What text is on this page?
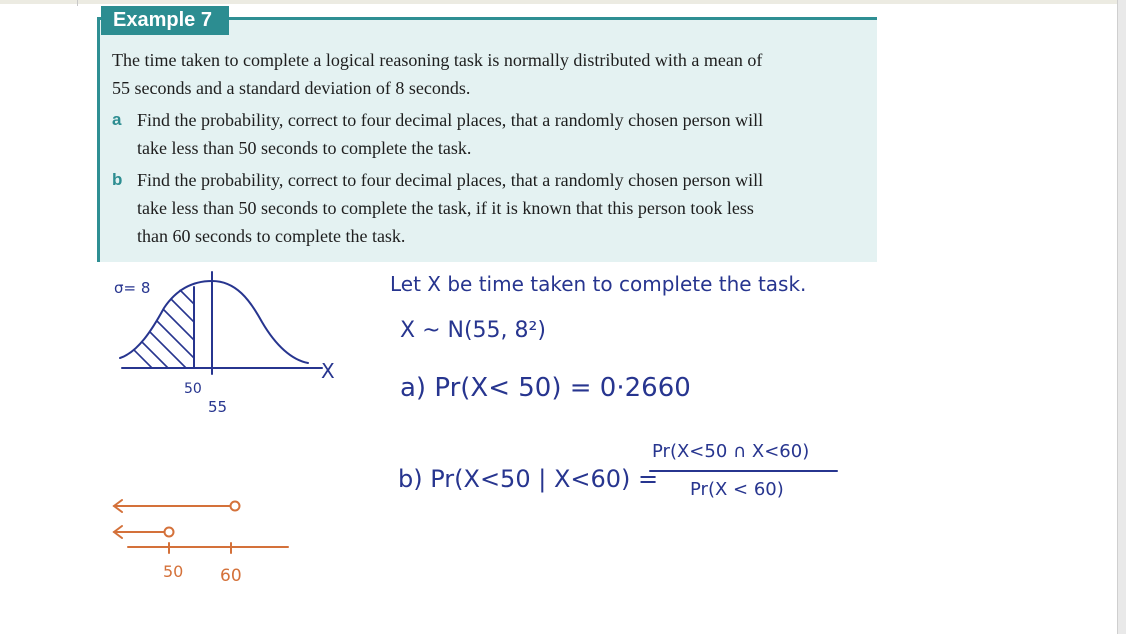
Example 7

The time taken to complete a logical reasoning task is normally distributed with a mean of
55 seconds and a standard deviation of 8 seconds.

a Find the probability, correct to four decimal places, that a randomly chosen person will
take less than 50 seconds to complete the task.
b Find the probability, correct to four decimal places, that a randomly chosen person will
take less than 50 seconds to complete the task, if it is known that this person took less
than 60 seconds to complete the task.
σ= 8
X
50
55
Let X be time taken to complete the task.
X ~ N(55, 8²)
a) Pr(X< 50) = 0·2660
b) Pr(X<50 | X<60) =
Pr(X<50 ∩ X<60)
Pr(X < 60)
50 60
